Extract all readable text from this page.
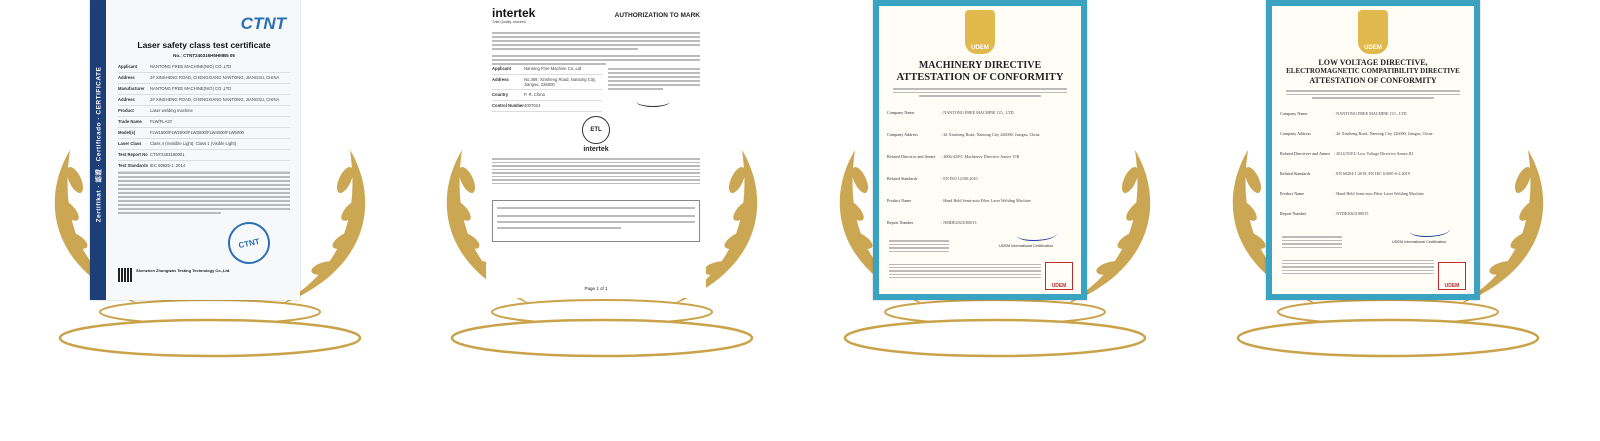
Zertifikat · 認證 · Certificado · CERTIFICATE
CTNT
Laser safety class test certificate
No.: CTNT240316H5HMB5 05
Applicant	NANTONG FREE MACHINE(NIO) CO.,LTD
Address	2# XINSHENG ROAD, CHENGXIANG NANTONG, JIANGSU, CHINA
Manufacturer	NANTONG FREE MACHINE(NIO) CO.,LTD
Address	2# XINSHENG ROAD, CHENGXIANG NANTONG, JIANGSU, CHINA
Product	Laser welding machine
Trade Name	FLW/FLA37
Model(s)	FLW1500/FLW2000/FLW3000/FLW4000/FLW6000
Laser Class	Class 4 (Invisible Light): Class 1 (Visible Light)
Test Report No CTNT2403180001
Test Standards IEC 60825-1: 2014
CTNT
Shenzhen Zhongwan Testing Technology Co.,Ltd.
intertek
Total Quality. Assured.
AUTHORIZATION TO MARK
Applicant	Nantong Free Machine Co.,Ltd
Address	No.369, Xinsheng Road, Nantong City, Jiangsu, 226000
Country	P. R. China
Control Number 4007624
ETL
intertek
Page 1 of 1
UDEM
MACHINERY DIRECTIVE
ATTESTATION OF CONFORMITY
Company Name	: NANTONG FREE MACHINE CO., LTD
Company Address	: 2# Xinsheng Road, Nantong City 226000, Jiangsu, China
Related Directive and Annex	: 2006/42/EC Machinery Directive Annex VIII
Related Standards	: EN ISO 12100:2010
Product Name	: Hand Held Semi-auto Fiber Laser Welding Machine
Report Number	: NMDE2023100013
UDEM International Certification
UDEM
UDEM
LOW VOLTAGE DIRECTIVE,
ELECTROMAGNETIC COMPATIBILITY DIRECTIVE
ATTESTATION OF CONFORMITY
Company Name	: NANTONG FREE MACHINE CO., LTD
Company Address	: 2# Xinsheng Road, Nantong City 226000, Jiangsu, China
Related Directives and Annex : 2014/35/EU Low Voltage Directive Annex III
Related Standards	: EN 60204-1:2018, EN IEC 61000-6-2:2019
Product Name	: Hand Held Semi-auto Fiber Laser Welding Machine
Report Number	: NTDE2023100015
UDEM International Certification
UDEM
